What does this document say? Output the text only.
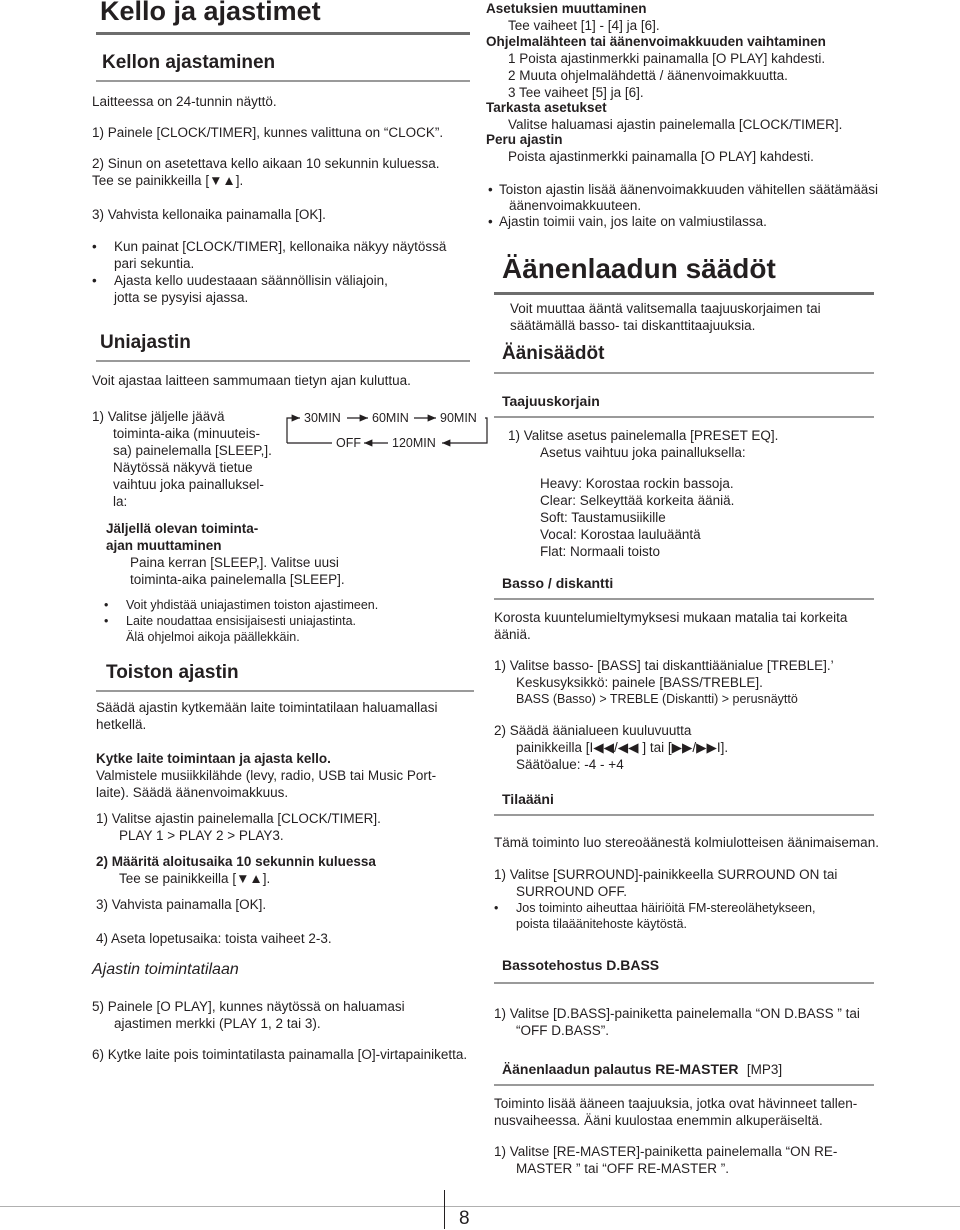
Kello ja ajastimet
Kellon ajastaminen
Laitteessa on 24-tunnin näyttö.
1) Painele [CLOCK/TIMER], kunnes valittuna on “CLOCK”.
2) Sinun on asetettava kello aikaan 10 sekunnin kuluessa.
Tee se painikkeilla [▼▲].
3) Vahvista kellonaika painamalla [OK].
• Kun painat [CLOCK/TIMER], kellonaika näkyy näytössä
pari sekuntia.
• Ajasta kello uudestaaan säännöllisin väliajoin,
jotta se pysyisi ajassa.
Uniajastin
Voit ajastaa laitteen sammumaan tietyn ajan kuluttua.
1) Valitse jäljelle jäävä
toiminta-aika (minuuteis-
sa) painelemalla [SLEEP,].
Näytössä näkyvä tietue
vaihtuu joka painalluksel-
la:
30MIN 60MIN 90MIN
120MIN
OFF
Jäljellä olevan toiminta-
ajan muuttaminen
Paina kerran [SLEEP,]. Valitse uusi
toiminta-aika painelemalla [SLEEP].
• Voit yhdistää uniajastimen toiston ajastimeen.
• Laite noudattaa ensisijaisesti uniajastinta.
Älä ohjelmoi aikoja päällekkäin.
Toiston ajastin
Säädä ajastin kytkemään laite toimintatilaan haluamallasi
hetkellä.
Kytke laite toimintaan ja ajasta kello.
Valmistele musiikkilähde (levy, radio, USB tai Music Port-
laite). Säädä äänenvoimakkuus.
1) Valitse ajastin painelemalla [CLOCK/TIMER].
PLAY 1 > PLAY 2 > PLAY3.
2) Määritä aloitusaika 10 sekunnin kuluessa
Tee se painikkeilla [▼▲].
3) Vahvista painamalla [OK].
4) Aseta lopetusaika: toista vaiheet 2-3.
Ajastin toimintatilaan
5) Painele [O PLAY], kunnes näytössä on haluamasi
ajastimen merkki (PLAY 1, 2 tai 3).
6) Kytke laite pois toimintatilasta painamalla [O]-virtapainiketta.
Asetuksien muuttaminen
Tee vaiheet [1] - [4] ja [6].
Ohjelmalähteen tai äänenvoimakkuuden vaihtaminen
1 Poista ajastinmerkki painamalla [O PLAY] kahdesti.
2 Muuta ohjelmalähdettä / äänenvoimakkuutta.
3 Tee vaiheet [5] ja [6].
Tarkasta asetukset
Valitse haluamasi ajastin painelemalla [CLOCK/TIMER].
Peru ajastin
Poista ajastinmerkki painamalla [O PLAY] kahdesti.
• Toiston ajastin lisää äänenvoimakkuuden vähitellen säätämääsi
äänenvoimakkuuteen.
• Ajastin toimii vain, jos laite on valmiustilassa.
Äänenlaadun säädöt
Voit muuttaa ääntä valitsemalla taajuuskorjaimen tai
säätämällä basso- tai diskanttitaajuuksia.
Äänisäädöt
Taajuuskorjain
1) Valitse asetus painelemalla [PRESET EQ].
Asetus vaihtuu joka painalluksella:
Heavy: Korostaa rockin bassoja.
Clear: Selkeyttää korkeita ääniä.
Soft: Taustamusiikille
Vocal: Korostaa lauluääntä
Flat: Normaali toisto
Basso / diskantti
Korosta kuuntelumieltymyksesi mukaan matalia tai korkeita
ääniä.
1) Valitse basso- [BASS] tai diskanttiäänialue [TREBLE].’
Keskusyksikkö: painele [BASS/TREBLE].
BASS (Basso) > TREBLE (Diskantti) > perusnäyttö
2) Säädä äänialueen kuuluvuutta
painikkeilla [I◀◀/◀◀ ] tai [▶▶/▶▶I].
Säätöalue: -4 - +4
Tilaääni
Tämä toiminto luo stereoäänestä kolmiulotteisen äänimaiseman.
1) Valitse [SURROUND]-painikkeella SURROUND ON tai
SURROUND OFF.
• Jos toiminto aiheuttaa häiriöitä FM-stereolähetykseen,
poista tilaäänitehoste käytöstä.
Bassotehostus D.BASS
1) Valitse [D.BASS]-painiketta painelemalla “ON D.BASS ” tai
“OFF D.BASS”.
Äänenlaadun palautus RE-MASTER [MP3]
Toiminto lisää ääneen taajuuksia, jotka ovat hävinneet tallen-
nusvaiheessa. Ääni kuulostaa enemmin alkuperäiseltä.
1) Valitse [RE-MASTER]-painiketta painelemalla “ON RE-
MASTER ” tai “OFF RE-MASTER ”.
8
